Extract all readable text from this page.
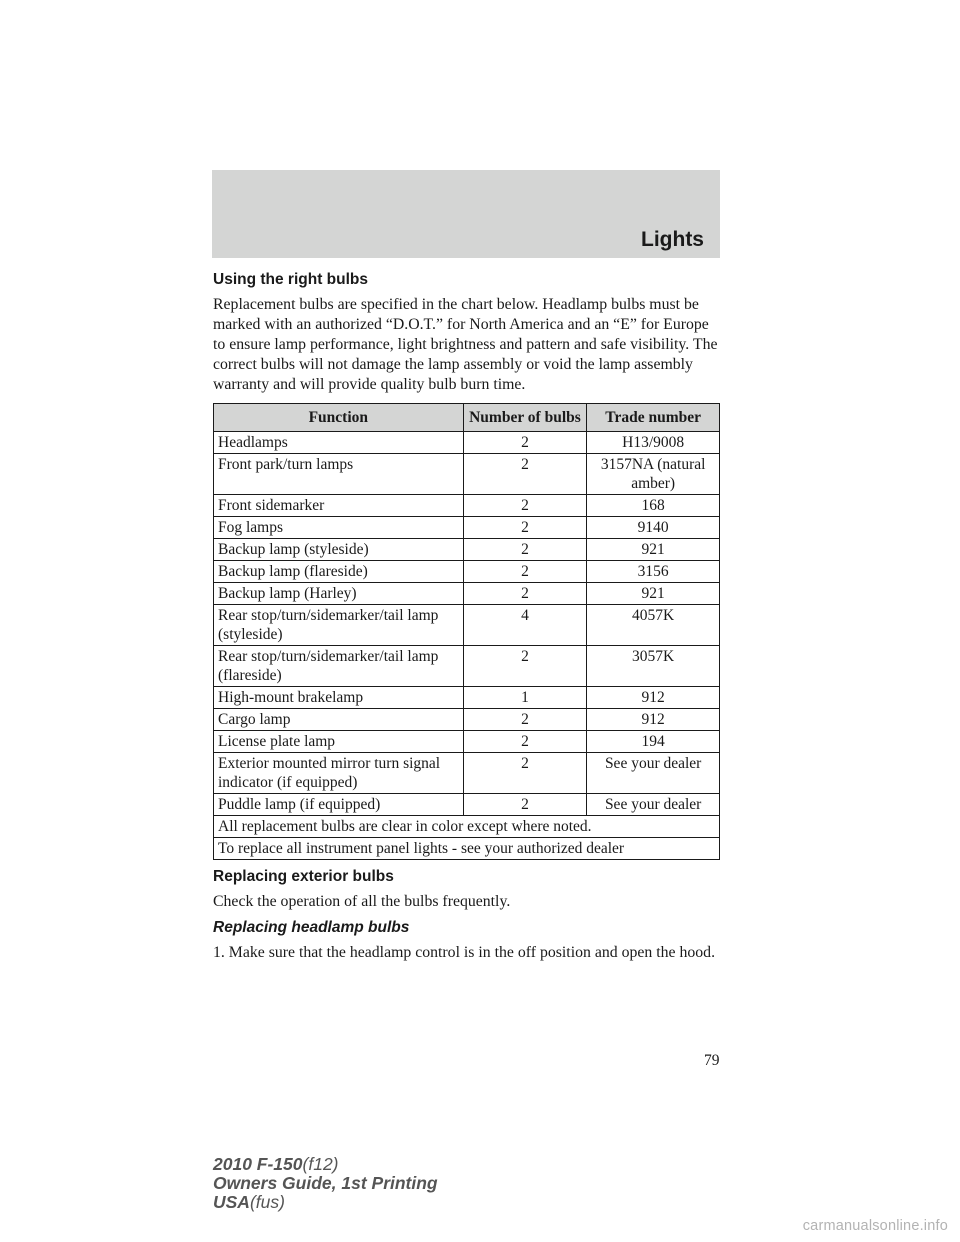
Lights
Using the right bulbs

Replacement bulbs are specified in the chart below. Headlamp bulbs must be marked with an authorized “D.O.T.” for North America and an “E” for Europe to ensure lamp performance, light brightness and pattern and safe visibility. The correct bulbs will not damage the lamp assembly or void the lamp assembly warranty and will provide quality bulb burn time.

Function	Number of bulbs	Trade number
Headlamps	2	H13/9008
Front park/turn lamps	2	3157NA (natural amber)
Front sidemarker	2	168
Fog lamps	2	9140
Backup lamp (styleside)	2	921
Backup lamp (flareside)	2	3156
Backup lamp (Harley)	2	921
Rear stop/turn/sidemarker/tail lamp (styleside)	4	4057K
Rear stop/turn/sidemarker/tail lamp (flareside)	2	3057K
High-mount brakelamp	1	912
Cargo lamp	2	912
License plate lamp	2	194
Exterior mounted mirror turn signal indicator (if equipped)	2	See your dealer
Puddle lamp (if equipped)	2	See your dealer
All replacement bulbs are clear in color except where noted.		
To replace all instrument panel lights - see your authorized dealer		
Replacing exterior bulbs

Check the operation of all the bulbs frequently.

Replacing headlamp bulbs

1. Make sure that the headlamp control is in the off position and open the hood.

79
2010 F-150(f12)
Owners Guide, 1st Printing
USA(fus)
carmanualsonline.info
